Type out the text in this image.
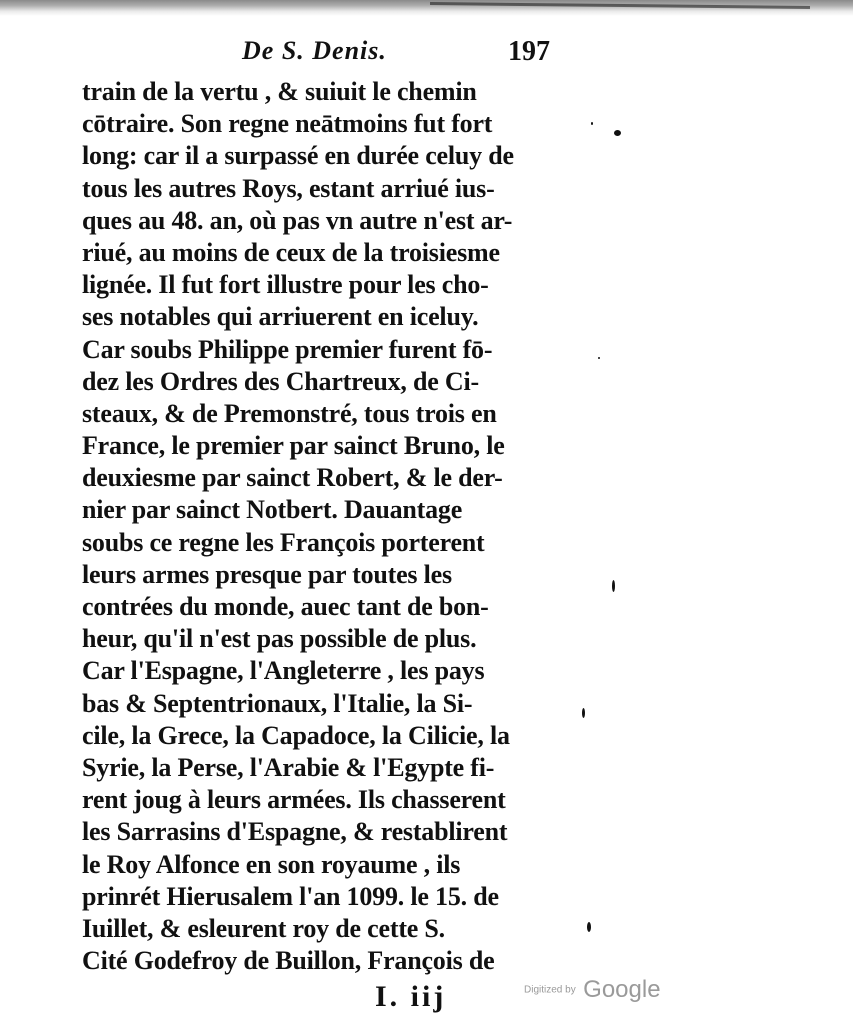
De S. Denis.	197
train de la vertu , & suiuit le chemin
cōtraire. Son regne neātmoins fut fort
long: car il a surpassé en durée celuy de
tous les autres Roys, estant arriué ius-
ques au 48. an, où pas vn autre n'est ar-
riué, au moins de ceux de la troisiesme
lignée. Il fut fort illustre pour les cho-
ses notables qui arriuerent en iceluy.
Car soubs Philippe premier furent fō-
dez les Ordres des Chartreux, de Ci-
steaux, & de Premonstré, tous trois en
France, le premier par sainct Bruno, le
deuxiesme par sainct Robert, & le der-
nier par sainct Notbert. Dauantage
soubs ce regne les François porterent
leurs armes presque par toutes les
contrées du monde, auec tant de bon-
heur, qu'il n'est pas possible de plus.
Car l'Espagne, l'Angleterre , les pays
bas & Septentrionaux, l'Italie, la Si-
cile, la Grece, la Capadoce, la Cilicie, la
Syrie, la Perse, l'Arabie & l'Egypte fi-
rent joug à leurs armées. Ils chasserent
les Sarrasins d'Espagne, & restablirent
le Roy Alfonce en son royaume , ils
prinrét Hierusalem l'an 1099. le 15. de
Iuillet, & esleurent roy de cette S.
Cité Godefroy de Buillon, François de
I. iij	Digitized by Google
